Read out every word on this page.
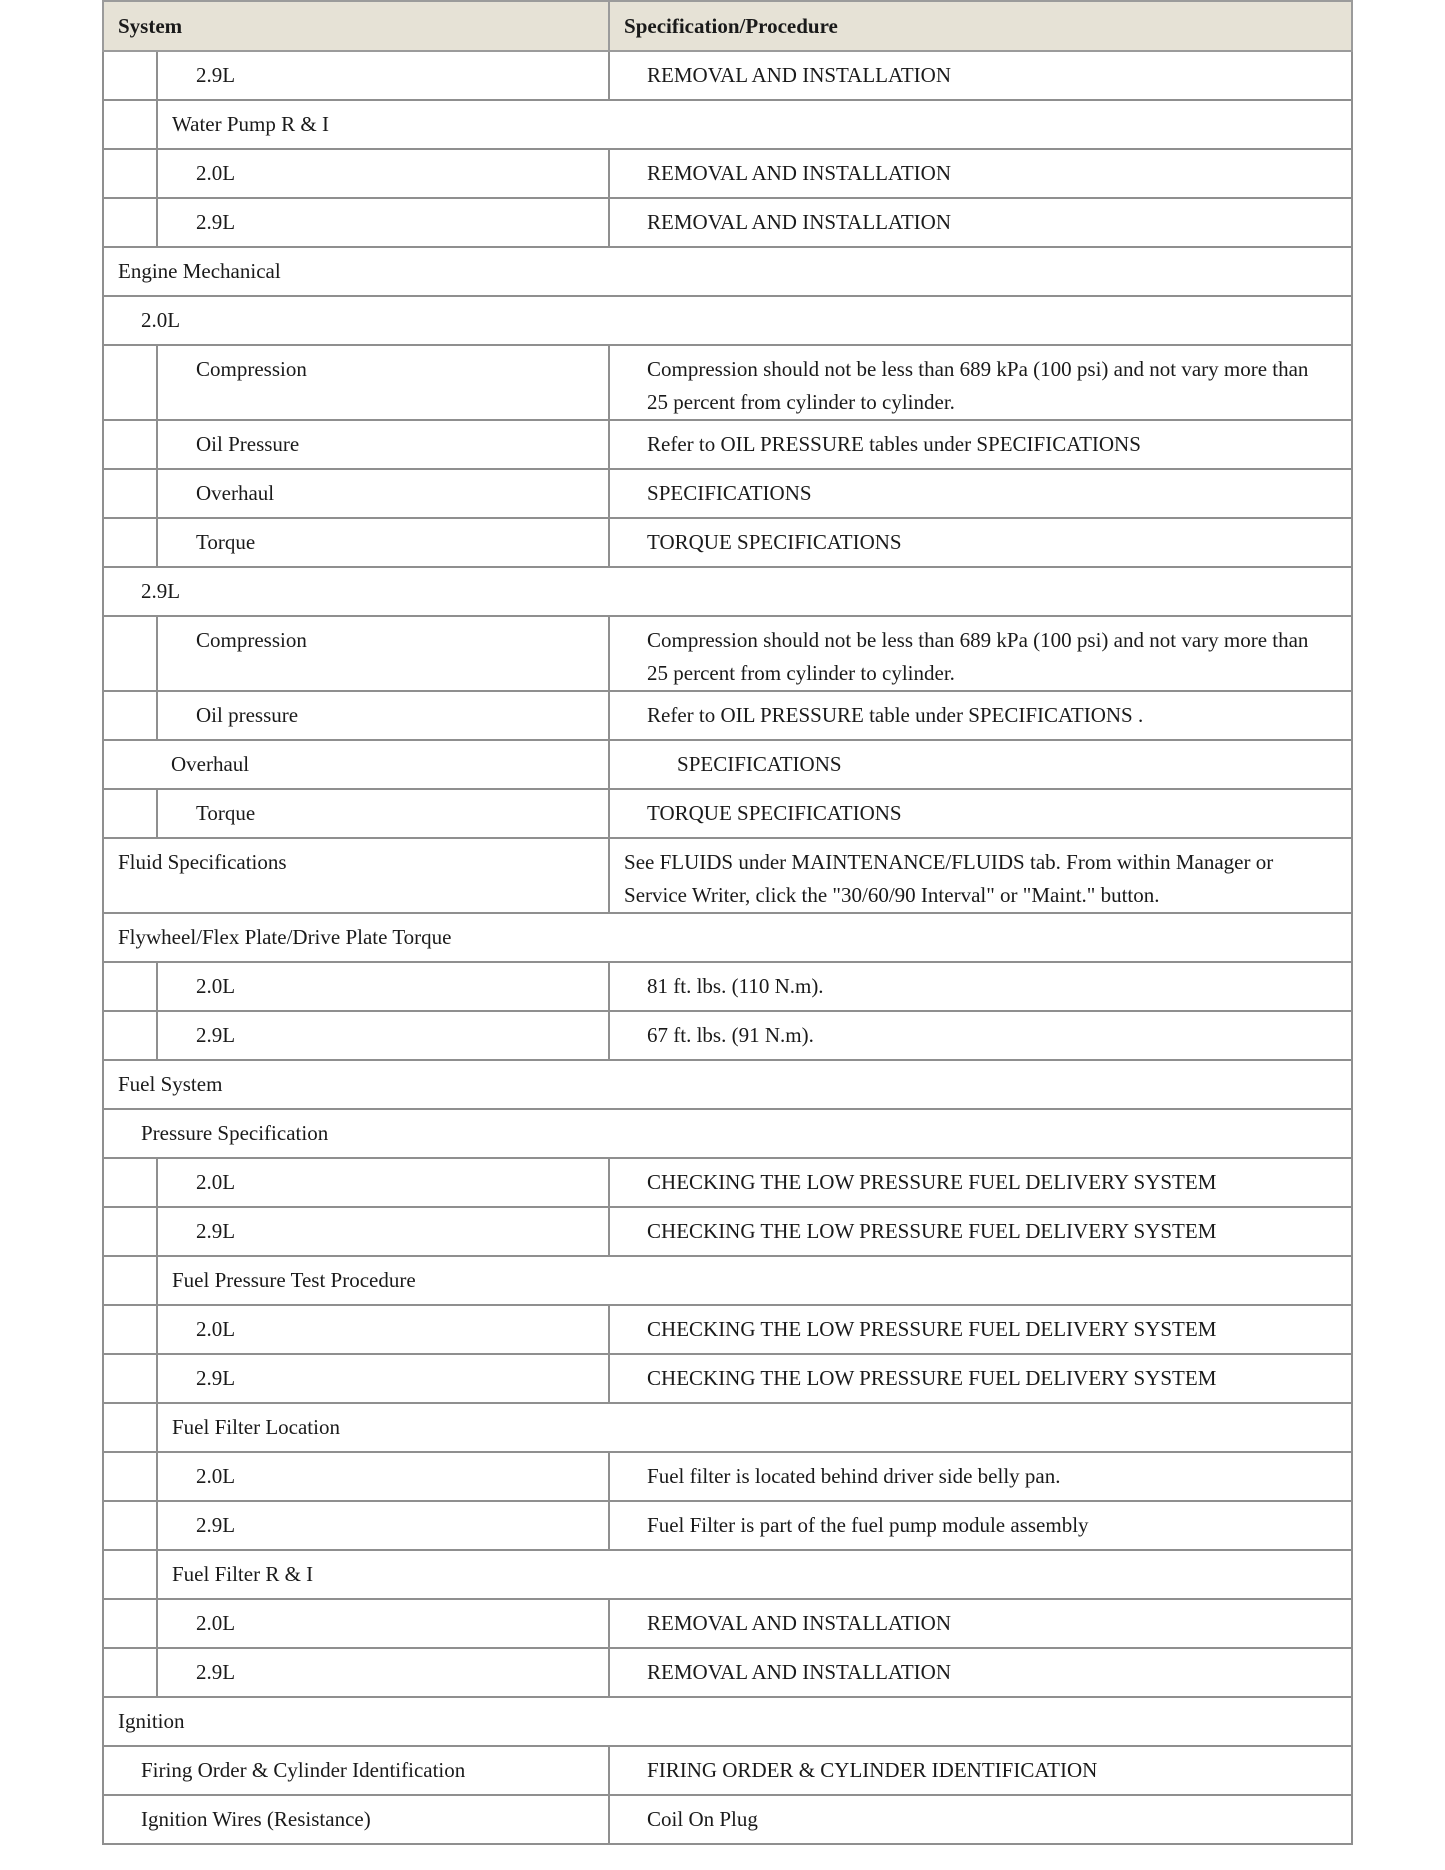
System		Specification/Procedure

	2.9L	REMOVAL AND INSTALLATION

	Water Pump R & I	

	2.0L	REMOVAL AND INSTALLATION

	2.9L	REMOVAL AND INSTALLATION

Engine Mechanical		

2.0L		

	Compression	Compression should not be less than 689 kPa (100 psi) and not vary more than 25 percent from cylinder to cylinder.

	Oil Pressure	Refer to OIL PRESSURE tables under SPECIFICATIONS

	Overhaul	SPECIFICATIONS

	Torque	TORQUE SPECIFICATIONS

2.9L		

	Compression	Compression should not be less than 689 kPa (100 psi) and not vary more than 25 percent from cylinder to cylinder.

	Oil pressure	Refer to OIL PRESSURE table under SPECIFICATIONS .

Overhaul		SPECIFICATIONS

	Torque	TORQUE SPECIFICATIONS

Fluid Specifications		See FLUIDS under MAINTENANCE/FLUIDS tab. From within Manager or Service Writer, click the "30/60/90 Interval" or "Maint." button.

Flywheel/Flex Plate/Drive Plate Torque		

	2.0L	81 ft. lbs. (110 N.m).

	2.9L	67 ft. lbs. (91 N.m).

Fuel System		

Pressure Specification		

	2.0L	CHECKING THE LOW PRESSURE FUEL DELIVERY SYSTEM

	2.9L	CHECKING THE LOW PRESSURE FUEL DELIVERY SYSTEM

	Fuel Pressure Test Procedure	

	2.0L	CHECKING THE LOW PRESSURE FUEL DELIVERY SYSTEM

	2.9L	CHECKING THE LOW PRESSURE FUEL DELIVERY SYSTEM

	Fuel Filter Location	

	2.0L	Fuel filter is located behind driver side belly pan.

	2.9L	Fuel Filter is part of the fuel pump module assembly

	Fuel Filter R & I	

	2.0L	REMOVAL AND INSTALLATION

	2.9L	REMOVAL AND INSTALLATION

Ignition		

Firing Order & Cylinder Identification		FIRING ORDER & CYLINDER IDENTIFICATION

Ignition Wires (Resistance)		Coil On Plug
